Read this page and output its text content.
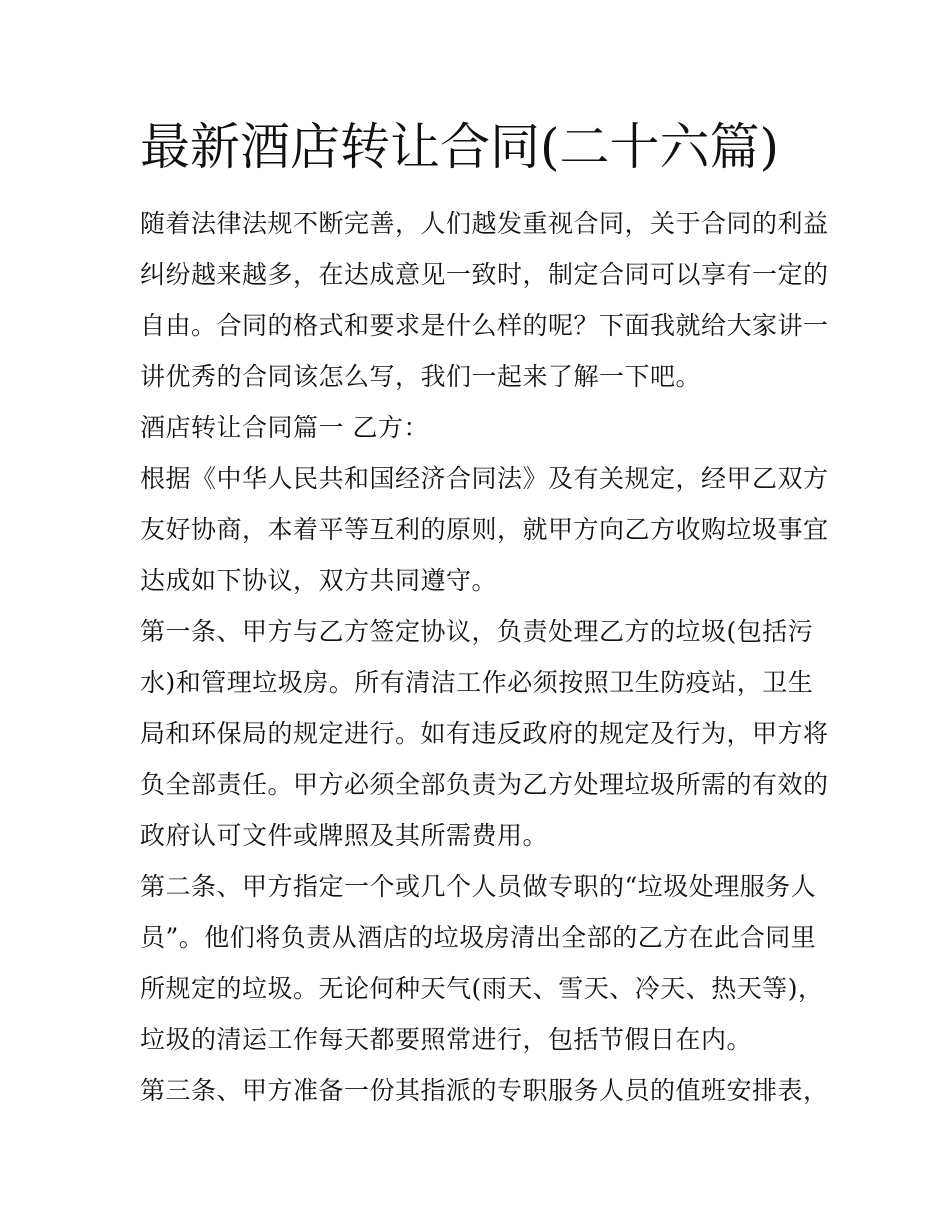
最新酒店转让合同(二十六篇)
随着法律法规不断完善，人们越发重视合同，关于合同的利益
纠纷越来越多，在达成意见一致时，制定合同可以享有一定的
自由。合同的格式和要求是什么样的呢？下面我就给大家讲一
讲优秀的合同该怎么写，我们一起来了解一下吧。
酒店转让合同篇一 乙方：
根据《中华人民共和国经济合同法》及有关规定，经甲乙双方
友好协商，本着平等互利的原则，就甲方向乙方收购垃圾事宜
达成如下协议，双方共同遵守。
第一条、甲方与乙方签定协议，负责处理乙方的垃圾(包括污
水)和管理垃圾房。所有清洁工作必须按照卫生防疫站，卫生
局和环保局的规定进行。如有违反政府的规定及行为，甲方将
负全部责任。甲方必须全部负责为乙方处理垃圾所需的有效的
政府认可文件或牌照及其所需费用。
第二条、甲方指定一个或几个人员做专职的“垃圾处理服务人
员”。他们将负责从酒店的垃圾房清出全部的乙方在此合同里
所规定的垃圾。无论何种天气(雨天、雪天、冷天、热天等)，
垃圾的清运工作每天都要照常进行，包括节假日在内。
第三条、甲方准备一份其指派的专职服务人员的值班安排表，
